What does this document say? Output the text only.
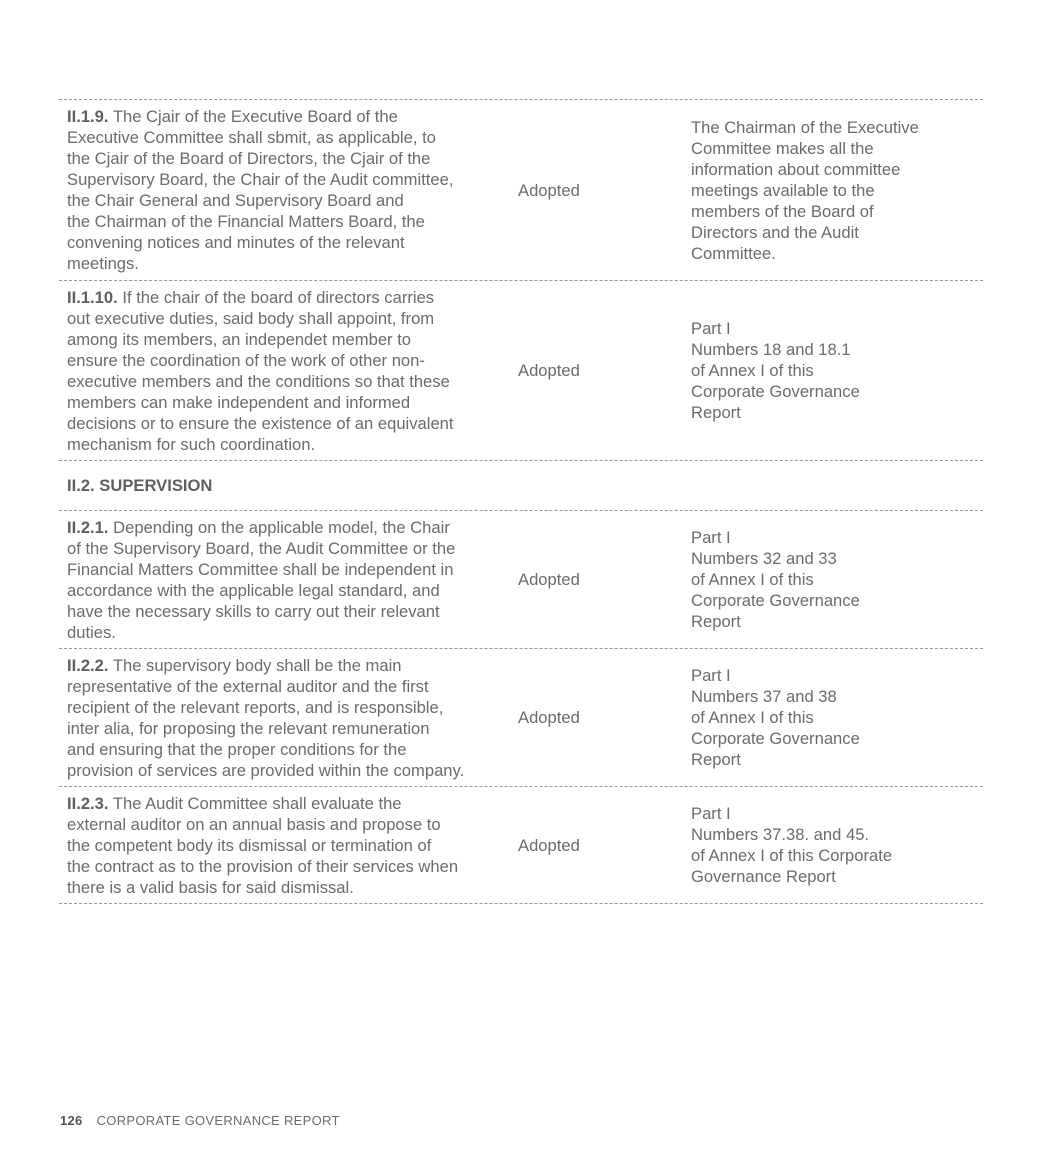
II.1.9. The Cjair of the Executive Board of the
Executive Committee shall sbmit, as applicable, to
the Cjair of the Board of Directors, the Cjair of the
Supervisory Board, the Chair of the Audit committee,
the Chair General and Supervisory Board and
the Chairman of the Financial Matters Board, the
convening notices and minutes of the relevant
meetings.
Adopted
The Chairman of the Executive
Committee makes all the
information about committee
meetings available to the
members of the Board of
Directors and the Audit
Committee.
II.1.10. If the chair of the board of directors carries
out executive duties, said body shall appoint, from
among its members, an independet member to
ensure the coordination of the work of other non-
executive members and the conditions so that these
members can make independent and informed
decisions or to ensure the existence of an equivalent
mechanism for such coordination.
Adopted
Part I
Numbers 18 and 18.1
of Annex I of this
Corporate Governance
Report
II.2. SUPERVISION
II.2.1. Depending on the applicable model, the Chair
of the Supervisory Board, the Audit Committee or the
Financial Matters Committee shall be independent in
accordance with the applicable legal standard, and
have the necessary skills to carry out their relevant
duties.
Adopted
Part I
Numbers 32 and 33
of Annex I of this
Corporate Governance
Report
II.2.2. The supervisory body shall be the main
representative of the external auditor and the first
recipient of the relevant reports, and is responsible,
inter alia, for proposing the relevant remuneration
and ensuring that the proper conditions for the
provision of services are provided within the company.
Adopted
Part I
Numbers 37 and 38
of Annex I of this
Corporate Governance
Report
II.2.3. The Audit Committee shall evaluate the
external auditor on an annual basis and propose to
the competent body its dismissal or termination of
the contract as to the provision of their services when
there is a valid basis for said dismissal.
Adopted
Part I
Numbers 37.38. and 45.
of Annex I of this Corporate
Governance Report
126 CORPORATE GOVERNANCE REPORT
